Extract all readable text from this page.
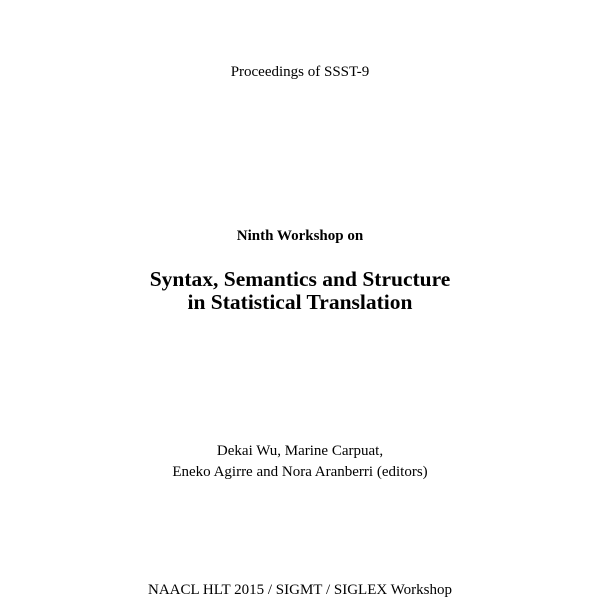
Proceedings of SSST-9
Ninth Workshop on
Syntax, Semantics and Structure
in Statistical Translation
Dekai Wu, Marine Carpuat,
Eneko Agirre and Nora Aranberri (editors)
NAACL HLT 2015 / SIGMT / SIGLEX Workshop
